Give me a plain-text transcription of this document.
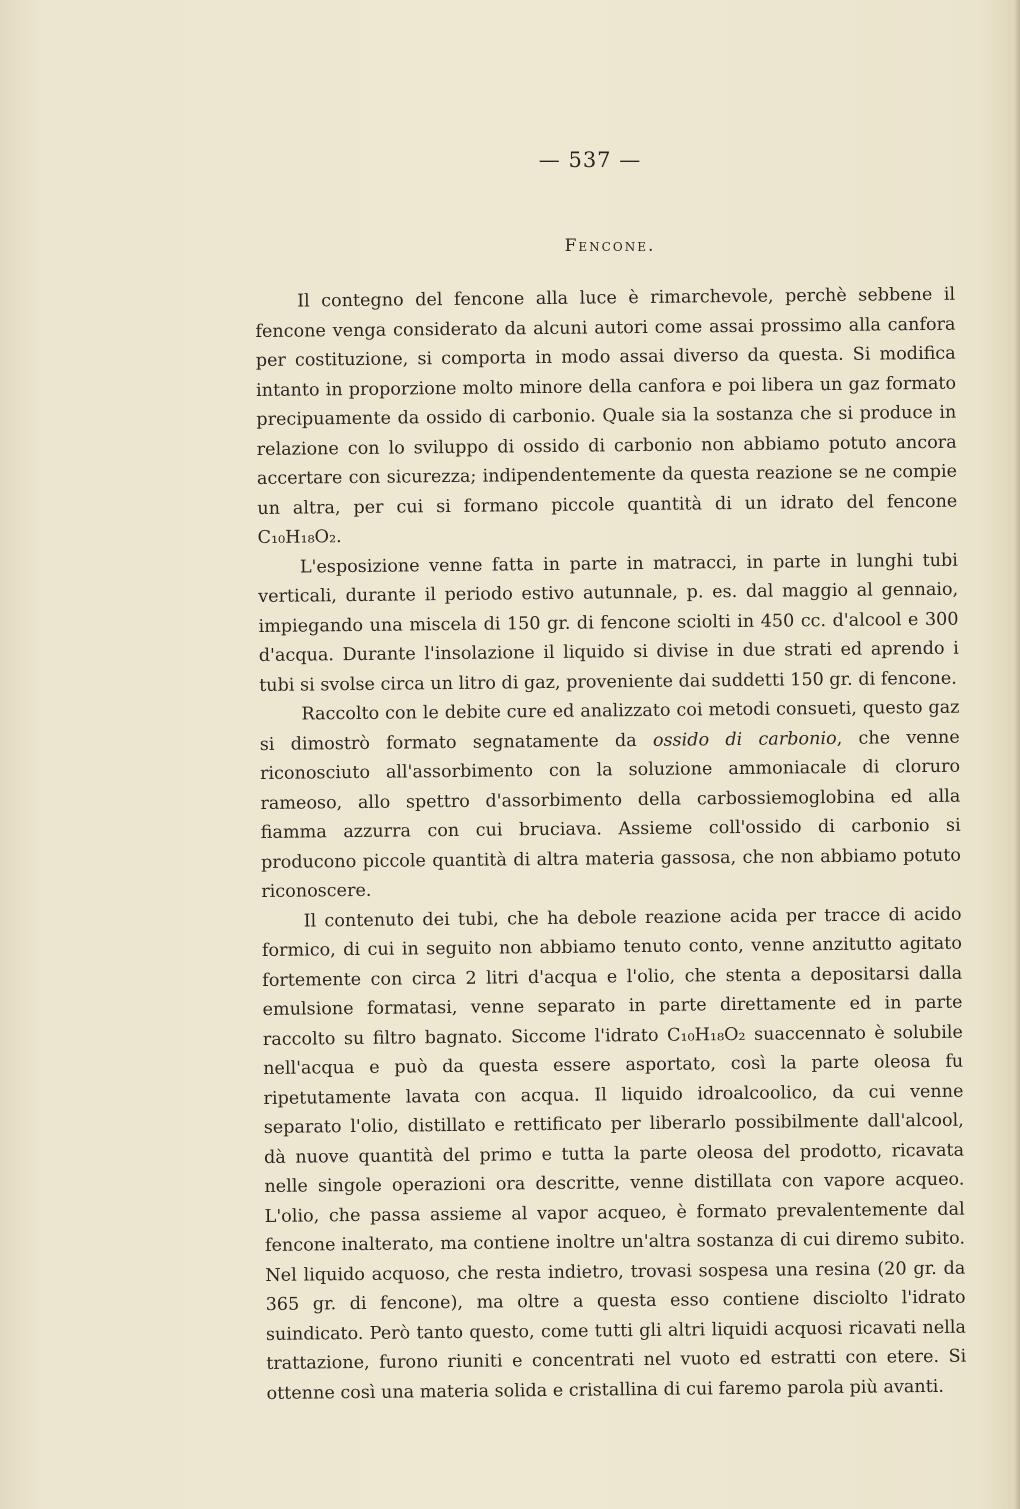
— 537 —
Fencone.

Il contegno del fencone alla luce è rimarchevole, perchè sebbene il fencone venga considerato da alcuni autori come assai prossimo alla canfora per costituzione, si comporta in modo assai diverso da questa. Si modifica intanto in proporzione molto minore della canfora e poi libera un gaz formato precipuamente da ossido di carbonio. Quale sia la sostanza che si produce in relazione con lo sviluppo di ossido di carbonio non abbiamo potuto ancora accertare con sicurezza; indipendentemente da questa reazione se ne compie un altra, per cui si formano piccole quantità di un idrato del fencone C₁₀H₁₈O₂.

L'esposizione venne fatta in parte in matracci, in parte in lunghi tubi verticali, durante il periodo estivo autunnale, p. es. dal maggio al gennaio, impiegando una miscela di 150 gr. di fencone sciolti in 450 cc. d'alcool e 300 d'acqua. Durante l'insolazione il liquido si divise in due strati ed aprendo i tubi si svolse circa un litro di gaz, proveniente dai suddetti 150 gr. di fencone.

Raccolto con le debite cure ed analizzato coi metodi consueti, questo gaz si dimostrò formato segnatamente da ossido di carbonio, che venne riconosciuto all'assorbimento con la soluzione ammoniacale di cloruro rameoso, allo spettro d'assorbimento della carbossiemoglobina ed alla fiamma azzurra con cui bruciava. Assieme coll'ossido di carbonio si producono piccole quantità di altra materia gassosa, che non abbiamo potuto riconoscere.

Il contenuto dei tubi, che ha debole reazione acida per tracce di acido formico, di cui in seguito non abbiamo tenuto conto, venne anzitutto agitato fortemente con circa 2 litri d'acqua e l'olio, che stenta a depositarsi dalla emulsione formatasi, venne separato in parte direttamente ed in parte raccolto su filtro bagnato. Siccome l'idrato C₁₀H₁₈O₂ suaccennato è solubile nell'acqua e può da questa essere asportato, così la parte oleosa fu ripetutamente lavata con acqua. Il liquido idroalcoolico, da cui venne separato l'olio, distillato e rettificato per liberarlo possibilmente dall'alcool, dà nuove quantità del primo e tutta la parte oleosa del prodotto, ricavata nelle singole operazioni ora descritte, venne distillata con vapore acqueo. L'olio, che passa assieme al vapor acqueo, è formato prevalentemente dal fencone inalterato, ma contiene inoltre un'altra sostanza di cui diremo subito. Nel liquido acquoso, che resta indietro, trovasi sospesa una resina (20 gr. da 365 gr. di fencone), ma oltre a questa esso contiene disciolto l'idrato suindicato. Però tanto questo, come tutti gli altri liquidi acquosi ricavati nella trattazione, furono riuniti e concentrati nel vuoto ed estratti con etere. Si ottenne così una materia solida e cristallina di cui faremo parola più avanti.
